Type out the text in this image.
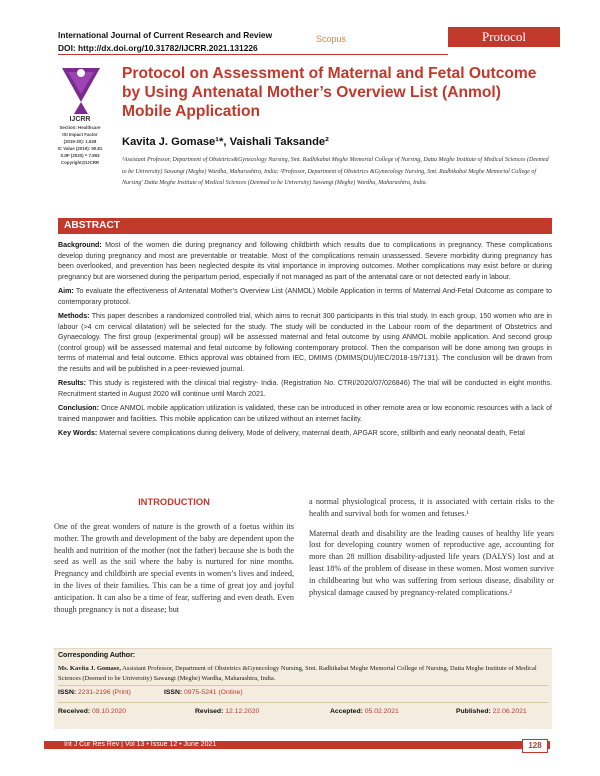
International Journal of Current Research and Review
DOI: http://dx.doi.org/10.31782/IJCRR.2021.131226
Scopus	Protocol
IJCRR
Section: Healthcare
ISI Impact Factor
(2019-20): 1.628
IC Value (2019): 90.81
SJIF (2020) = 7.893
Copyright@IJCRR
Protocol on Assessment of Maternal and Fetal Outcome by Using Antenatal Mother’s Overview List (Anmol) Mobile Application
Kavita J. Gomase¹*, Vaishali Taksande²
¹Assistant Professor, Department of Obstetrics&Gynecology Nursing, Smt. Radhikabai Meghe Memorial College of Nursing, Datta Meghe Institute of Medical Sciences (Deemed to be University) Sawangi (Meghe) Wardha, Maharashtra, India; ²Professor, Department of Obstetrics &Gynecology Nursing, Smt. Radhikabai Meghe Memorial College of Nursing' Datta Meghe Institute of Medical Sciences (Deemed to be University) Sawangi (Meghe) Wardha, Maharashtra, India.
ABSTRACT

Background: Most of the women die during pregnancy and following childbirth which results due to complications in pregnancy. These complications develop during pregnancy and most are preventable or treatable. Most of the complications remain unassessed. Severe morbidity during pregnancy has been overlooked, and prevention has been neglected despite its vital importance in improving outcomes. Mother complications may exist before or during pregnancy but are worsened during the peripartum period, especially if not managed as part of the antenatal care or not detected early in labour.

Aim: To evaluate the effectiveness of Antenatal Mother’s Overview List (ANMOL) Mobile Application in terms of Maternal And-Fetal Outcome as compare to contemporary protocol.

Methods: This paper describes a randomized controlled trial, which aims to recruit 300 participants in this trial study. In each group, 150 women who are in labour (>4 cm cervical dilatation) will be selected for the study. The study will be conducted in the Labour room of the department of Obstetrics and Gynaecology. The first group (experimental group) will be assessed maternal and fetal outcome by using ANMOL mobile application. And second group (control group) will be assessed maternal and fetal outcome by following contemporary protocol. Then the comparison will be done among two groups in terms of maternal and fetal outcome. Ethics approval was obtained from IEC, DMIMS (DMIMS(DU)/IEC/2018-19/7131). The conclusion will be drawn from the results and will be published in a peer-reviewed journal.

Results: This study is registered with the clinical trial registry- India. (Registration No. CTRI/2020/07/026846) The trial will be conducted in eight months. Recruitment started in August 2020 will continue until March 2021.

Conclusion: Once ANMOL mobile application utilization is validated, these can be introduced in other remote area or low economic resources with a lack of trained manpower and facilities. This mobile application can be utilized without an internet facility.

Key Words: Maternal severe complications during delivery, Mode of delivery, maternal death, APGAR score, stillbirth and early neonatal death, Fetal

INTRODUCTION

One of the great wonders of nature is the growth of a foetus within its mother. The growth and development of the baby are dependent upon the health and nutrition of the mother (not the father) because she is both the seed as well as the soil where the baby is nurtured for nine months. Pregnancy and childbirth are special events in women’s lives and indeed, in the lives of their families. This can be a time of great joy and joyful anticipation. It can also be a time of fear, suffering and even death. Even though pregnancy is not a disease; but

a normal physiological process, it is associated with certain risks to the health and survival both for women and fetuses.¹

Maternal death and disability are the leading causes of healthy life years lost for developing country women of reproductive age, accounting for more than 28 million disability-adjusted life years (DALYS) lost and at least 18% of the problem of disease in these women. Most women survive in childbearing but who was suffering from serious disease, disability or physical damage caused by pregnancy-related complications.²

Corresponding Author:
Ms. Kavita J. Gomase, Assistant Professor, Department of Obstetrics &Gynecology Nursing, Smt. Radhikabai Meghe Memorial College of Nursing, Datta Meghe Institute of Medical Sciences (Deemed to be University) Sawangi (Meghe) Wardha, Maharashtra, India.
ISSN: 2231-2196 (Print)	ISSN: 0975-5241 (Online)
Received: 09.10.2020	Revised: 12.12.2020	Accepted: 05.02.2021	Published: 22.06.2021
Int J Cur Res Rev | Vol 13 • Issue 12 • June 2021	128
